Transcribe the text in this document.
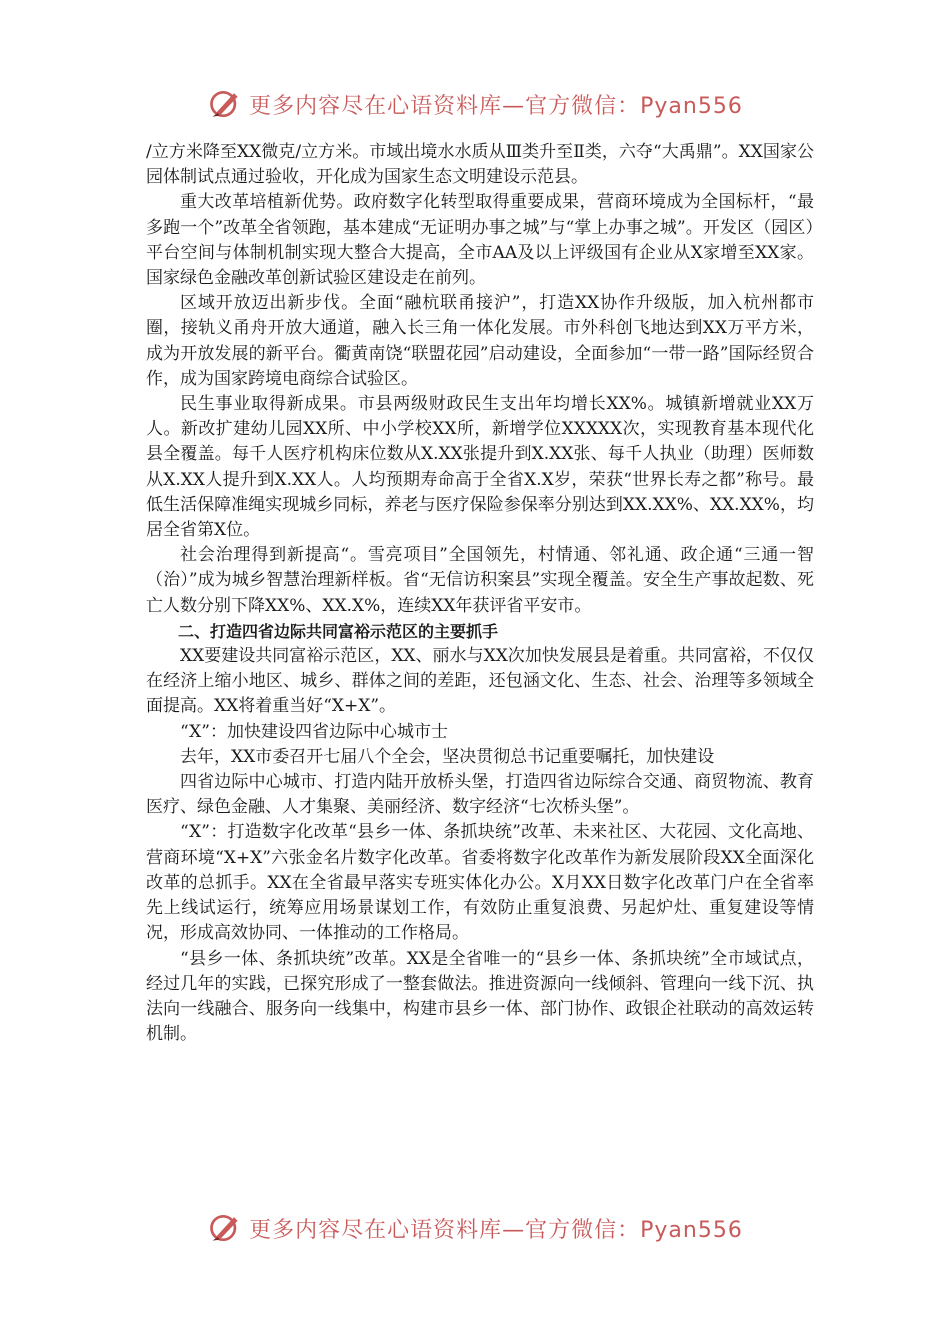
更多内容尽在心语资料库—官方微信：Pyan556

/立方米降至XX微克/立方米。市域出境水水质从Ⅲ类升至Ⅱ类，六夺“大禹鼎”。XX国家公园体制试点通过验收，开化成为国家生态文明建设示范县。

重大改革培植新优势。政府数字化转型取得重要成果，营商环境成为全国标杆，“最多跑一个”改革全省领跑，基本建成“无证明办事之城”与“掌上办事之城”。开发区（园区）平台空间与体制机制实现大整合大提高，全市AA及以上评级国有企业从X家增至XX家。国家绿色金融改革创新试验区建设走在前列。

区域开放迈出新步伐。全面“融杭联甬接沪”，打造XX协作升级版，加入杭州都市圈，接轨义甬舟开放大通道，融入长三角一体化发展。市外科创飞地达到XX万平方米，成为开放发展的新平台。衢黄南饶“联盟花园”启动建设，全面参加“一带一路”国际经贸合作，成为国家跨境电商综合试验区。

民生事业取得新成果。市县两级财政民生支出年均增长XX%。城镇新增就业XX万人。新改扩建幼儿园XX所、中小学校XX所，新增学位XXXXX次，实现教育基本现代化县全覆盖。每千人医疗机构床位数从X.XX张提升到X.XX张、每千人执业（助理）医师数从X.XX人提升到X.XX人。人均预期寿命高于全省X.X岁，荣获“世界长寿之都”称号。最低生活保障准绳实现城乡同标，养老与医疗保险参保率分别达到XX.XX%、XX.XX%，均居全省第X位。

社会治理得到新提高“。雪亮项目”全国领先，村情通、邻礼通、政企通“三通一智（治）”成为城乡智慧治理新样板。省“无信访积案县”实现全覆盖。安全生产事故起数、死亡人数分别下降XX%、XX.X%，连续XX年获评省平安市。

二、打造四省边际共同富裕示范区的主要抓手

XX要建设共同富裕示范区，XX、丽水与XX次加快发展县是着重。共同富裕，不仅仅在经济上缩小地区、城乡、群体之间的差距，还包涵文化、生态、社会、治理等多领域全面提高。XX将着重当好“X+X”。

“X”：加快建设四省边际中心城市士

去年，XX市委召开七届八个全会，坚决贯彻总书记重要嘱托，加快建设

四省边际中心城市、打造内陆开放桥头堡，打造四省边际综合交通、商贸物流、教育医疗、绿色金融、人才集聚、美丽经济、数字经济“七次桥头堡”。

“X”：打造数字化改革“县乡一体、条抓块统”改革、未来社区、大花园、文化高地、营商环境“X+X”六张金名片数字化改革。省委将数字化改革作为新发展阶段XX全面深化改革的总抓手。XX在全省最早落实专班实体化办公。X月XX日数字化改革门户在全省率先上线试运行，统筹应用场景谋划工作，有效防止重复浪费、另起炉灶、重复建设等情况，形成高效协同、一体推动的工作格局。

“县乡一体、条抓块统”改革。XX是全省唯一的“县乡一体、条抓块统”全市域试点，经过几年的实践，已探究形成了一整套做法。推进资源向一线倾斜、管理向一线下沉、执法向一线融合、服务向一线集中，构建市县乡一体、部门协作、政银企社联动的高效运转机制。

更多内容尽在心语资料库—官方微信：Pyan556
